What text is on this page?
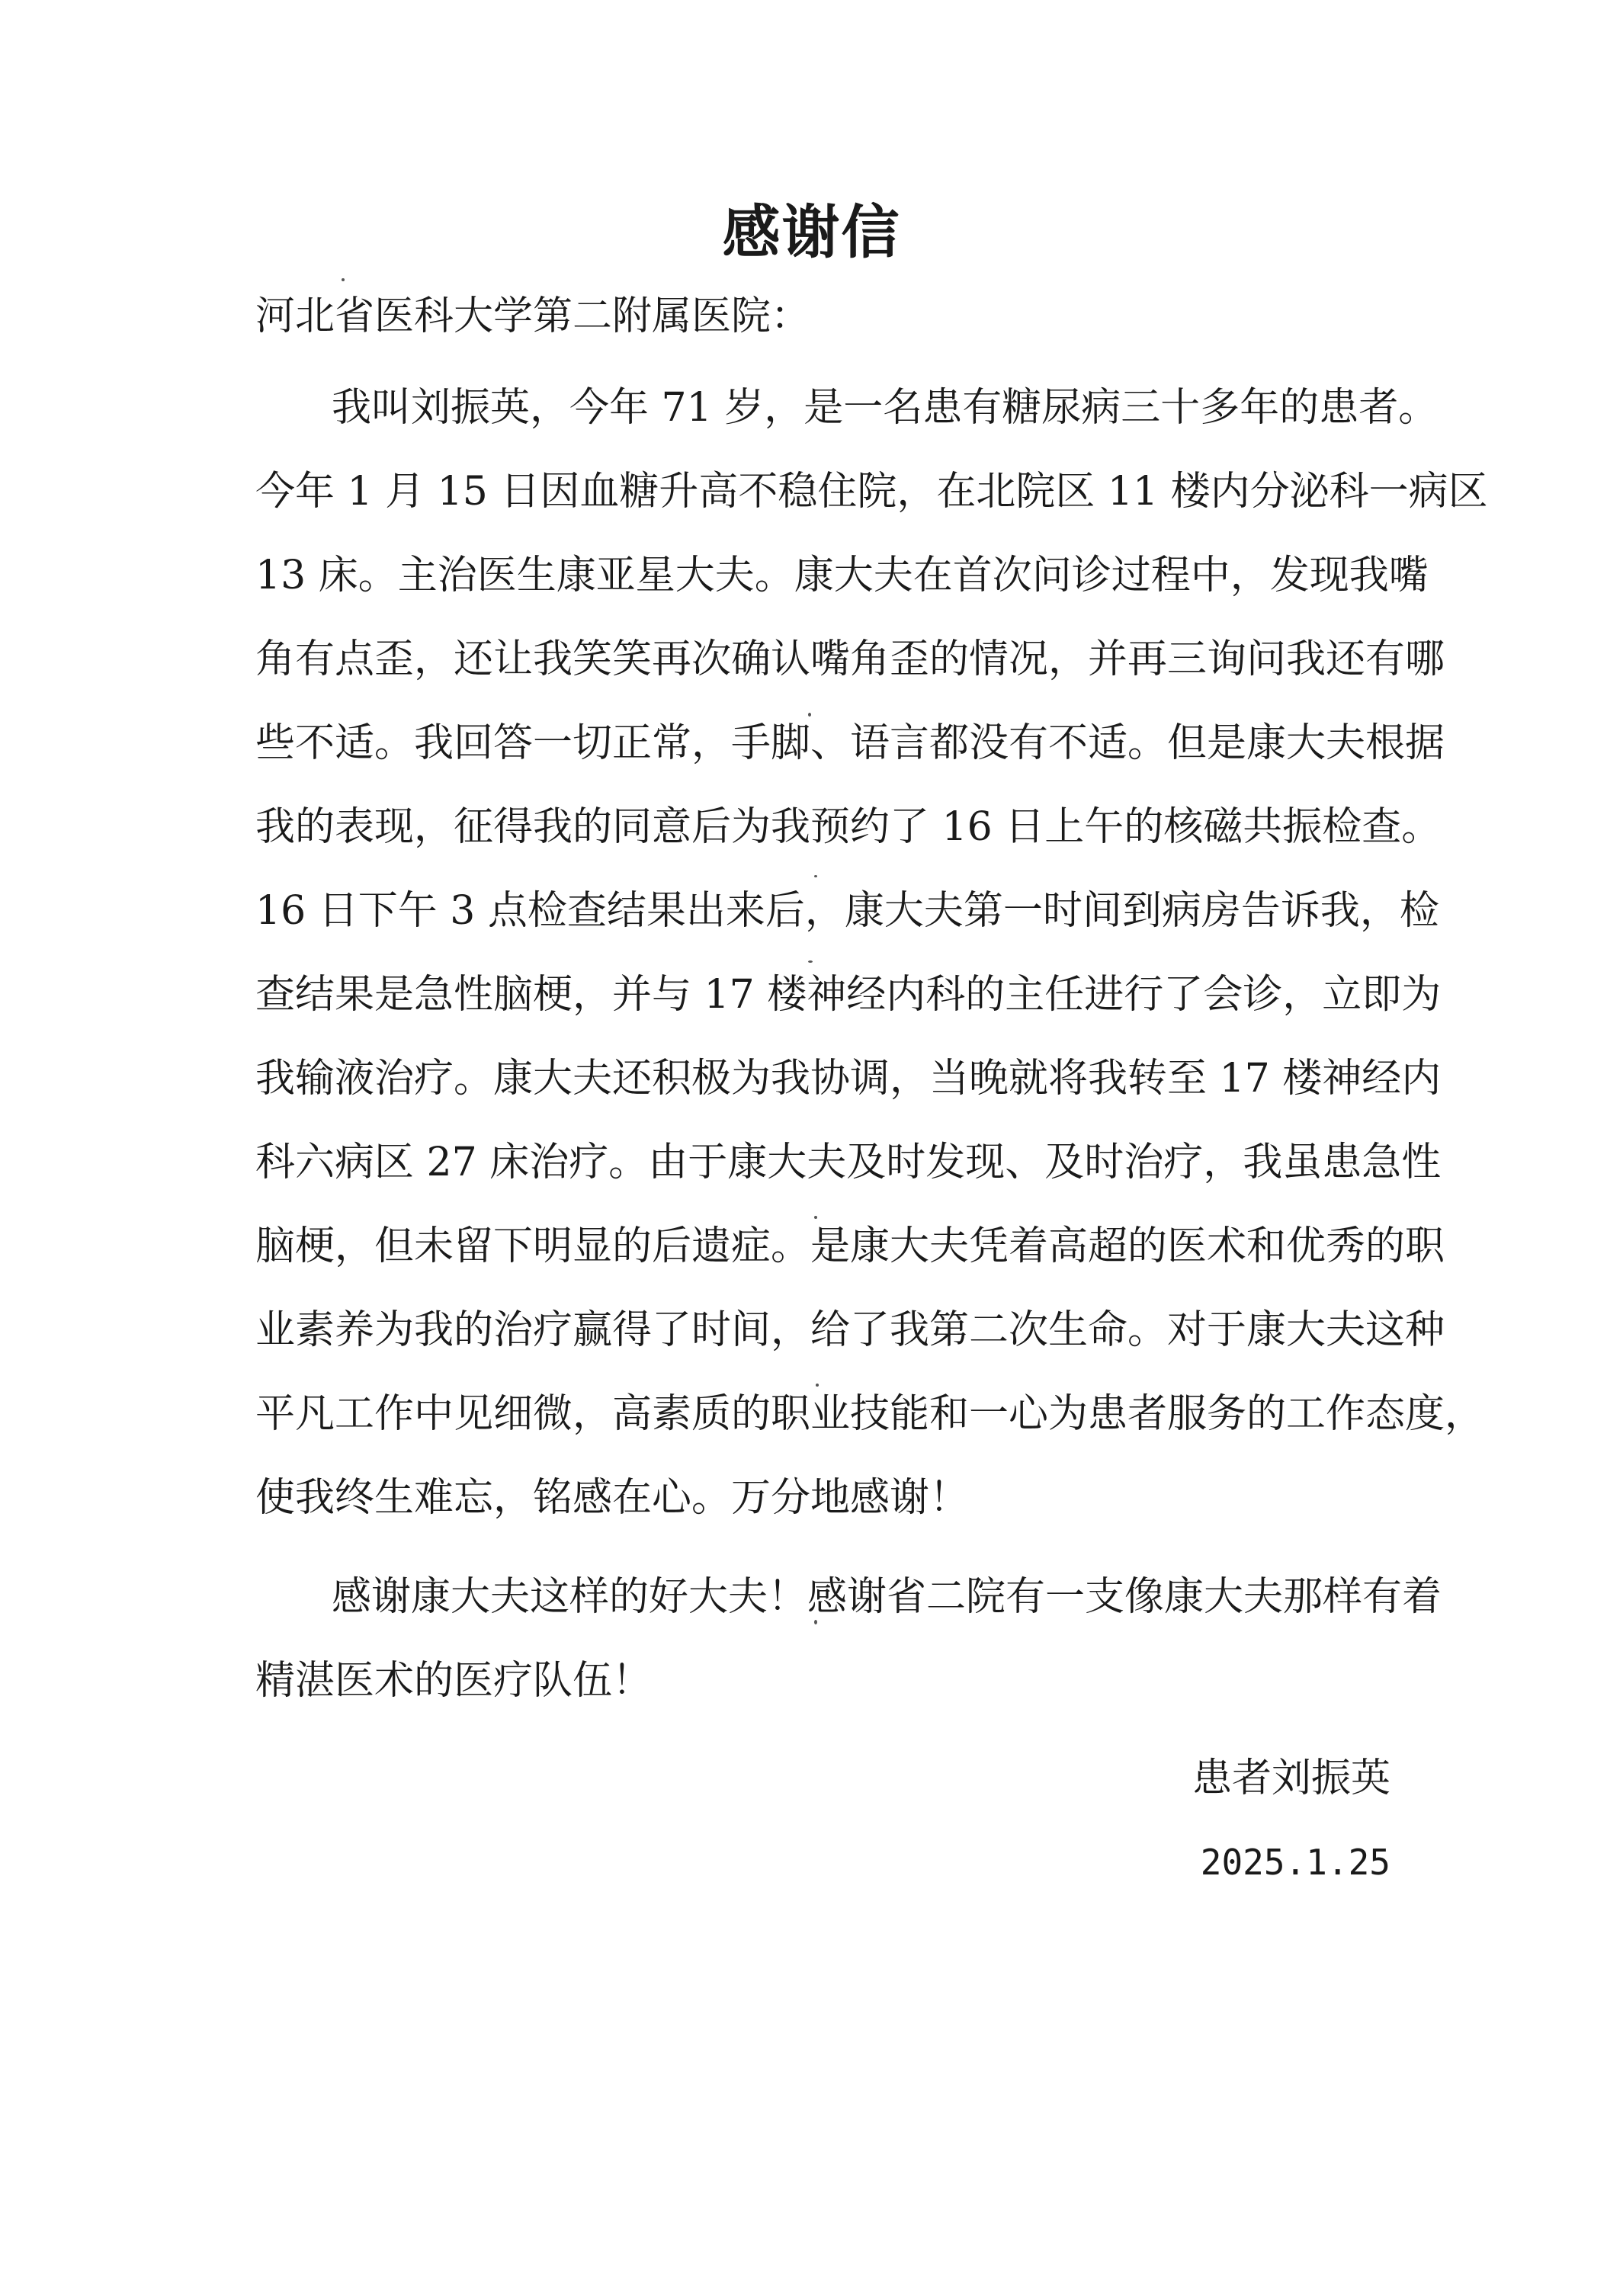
感谢信
河北省医科大学第二附属医院：
我叫刘振英，今年 71 岁，是一名患有糖尿病三十多年的患者。
今年 1 月 15 日因血糖升高不稳住院，在北院区 11 楼内分泌科一病区
13 床。主治医生康亚星大夫。康大夫在首次问诊过程中，发现我嘴
角有点歪，还让我笑笑再次确认嘴角歪的情况，并再三询问我还有哪
些不适。我回答一切正常，手脚、语言都没有不适。但是康大夫根据
我的表现，征得我的同意后为我预约了 16 日上午的核磁共振检查。
16 日下午 3 点检查结果出来后，康大夫第一时间到病房告诉我，检
查结果是急性脑梗，并与 17 楼神经内科的主任进行了会诊，立即为
我输液治疗。康大夫还积极为我协调，当晚就将我转至 17 楼神经内
科六病区 27 床治疗。由于康大夫及时发现、及时治疗，我虽患急性
脑梗，但未留下明显的后遗症。是康大夫凭着高超的医术和优秀的职
业素养为我的治疗赢得了时间，给了我第二次生命。对于康大夫这种
平凡工作中见细微，高素质的职业技能和一心为患者服务的工作态度，
使我终生难忘，铭感在心。万分地感谢！
感谢康大夫这样的好大夫！感谢省二院有一支像康大夫那样有着
精湛医术的医疗队伍！
患者刘振英
2025.1.25
